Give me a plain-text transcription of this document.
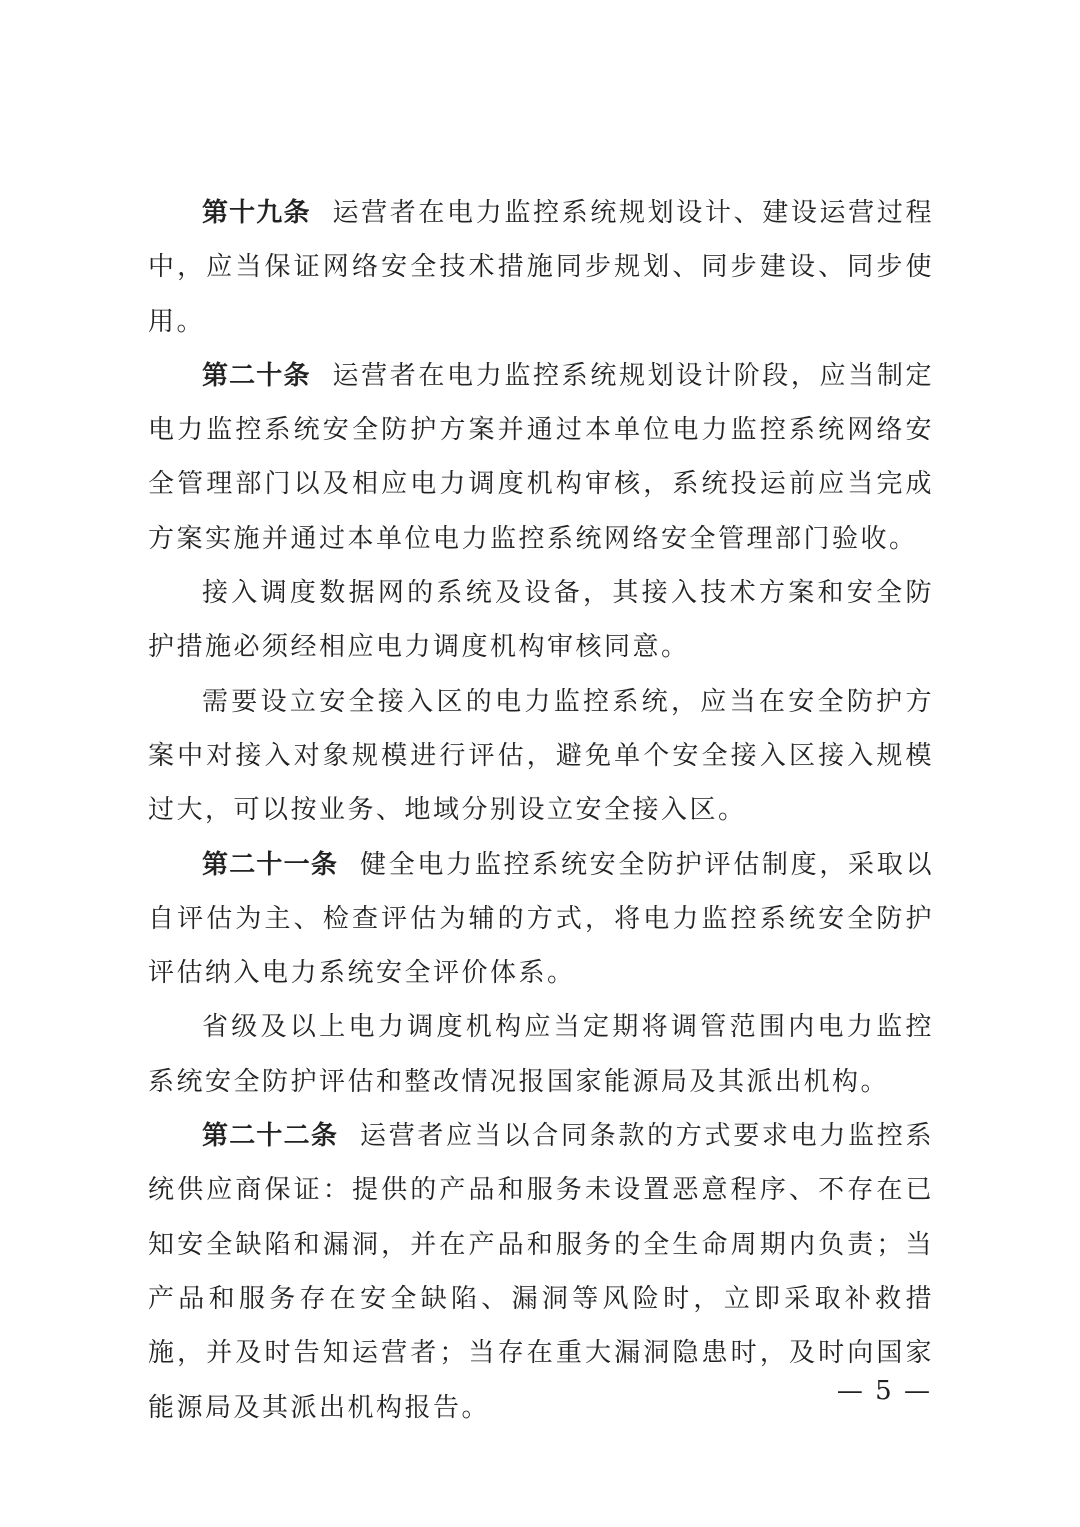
第十九条 运营者在电力监控系统规划设计、建设运营过程中，应当保证网络安全技术措施同步规划、同步建设、同步使用。

第二十条 运营者在电力监控系统规划设计阶段，应当制定电力监控系统安全防护方案并通过本单位电力监控系统网络安全管理部门以及相应电力调度机构审核，系统投运前应当完成方案实施并通过本单位电力监控系统网络安全管理部门验收。

接入调度数据网的系统及设备，其接入技术方案和安全防护措施必须经相应电力调度机构审核同意。

需要设立安全接入区的电力监控系统，应当在安全防护方案中对接入对象规模进行评估，避免单个安全接入区接入规模过大，可以按业务、地域分别设立安全接入区。

第二十一条 健全电力监控系统安全防护评估制度，采取以自评估为主、检查评估为辅的方式，将电力监控系统安全防护评估纳入电力系统安全评价体系。

省级及以上电力调度机构应当定期将调管范围内电力监控系统安全防护评估和整改情况报国家能源局及其派出机构。

第二十二条 运营者应当以合同条款的方式要求电力监控系统供应商保证：提供的产品和服务未设置恶意程序、不存在已知安全缺陷和漏洞，并在产品和服务的全生命周期内负责；当产品和服务存在安全缺陷、漏洞等风险时，立即采取补救措施，并及时告知运营者；当存在重大漏洞隐患时，及时向国家能源局及其派出机构报告。

— 5 —
